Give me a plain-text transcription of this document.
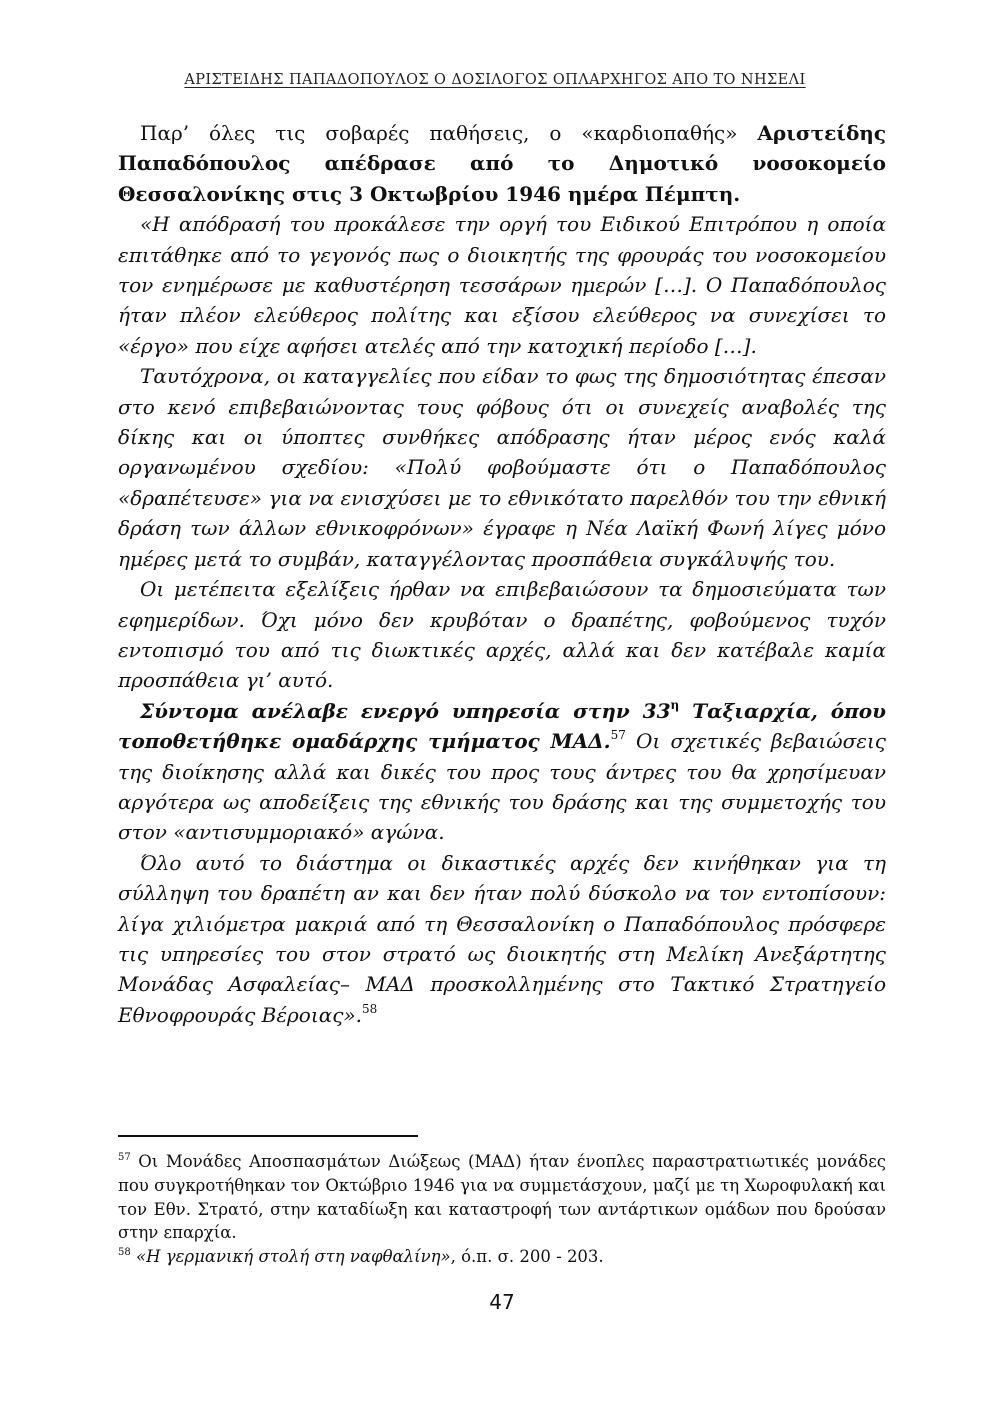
ΑΡΙΣΤΕΙΔΗΣ ΠΑΠΑΔΟΠΟΥΛΟΣ Ο ΔΟΣΙΛΟΓΟΣ ΟΠΛΑΡΧΗΓΟΣ ΑΠΟ ΤΟ ΝΗΣΕΛΙ

Παρ’ όλες τις σοβαρές παθήσεις, ο «καρδιοπαθής» Αριστείδης Παπαδόπουλος απέδρασε από το Δημοτικό νοσοκομείο Θεσσαλονίκης στις 3 Οκτωβρίου 1946 ημέρα Πέμπτη.

«Η απόδρασή του προκάλεσε την οργή του Ειδικού Επιτρόπου η οποία επιτάθηκε από το γεγονός πως ο διοικητής της φρουράς του νοσοκομείου τον ενημέρωσε με καθυστέρηση τεσσάρων ημερών […]. Ο Παπαδόπουλος ήταν πλέον ελεύθερος πολίτης και εξίσου ελεύθερος να συνεχίσει το «έργο» που είχε αφήσει ατελές από την κατοχική περίοδο […].

Ταυτόχρονα, οι καταγγελίες που είδαν το φως της δημοσιότητας έπεσαν στο κενό επιβεβαιώνοντας τους φόβους ότι οι συνεχείς αναβολές της δίκης και οι ύποπτες συνθήκες απόδρασης ήταν μέρος ενός καλά οργανωμένου σχεδίου: «Πολύ φοβούμαστε ότι ο Παπαδόπουλος «δραπέτευσε» για να ενισχύσει με το εθνικότατο παρελθόν του την εθνική δράση των άλλων εθνικοφρόνων» έγραφε η Νέα Λαϊκή Φωνή λίγες μόνο ημέρες μετά το συμβάν, καταγγέλοντας προσπάθεια συγκάλυψής του.

Οι μετέπειτα εξελίξεις ήρθαν να επιβεβαιώσουν τα δημοσιεύματα των εφημερίδων. Όχι μόνο δεν κρυβόταν ο δραπέτης, φοβούμενος τυχόν εντοπισμό του από τις διωκτικές αρχές, αλλά και δεν κατέβαλε καμία προσπάθεια γι’ αυτό.

Σύντομα ανέλαβε ενεργό υπηρεσία στην $33^\eta$ Ταξιαρχία, όπου τοποθετήθηκε ομαδάρχης τμήματος ΜΑΔ.$^{57}$ Οι σχετικές βεβαιώσεις της διοίκησης αλλά και δικές του προς τους άντρες του θα χρησίμευαν αργότερα ως αποδείξεις της εθνικής του δράσης και της συμμετοχής του στον «αντισυμμοριακό» αγώνα.

Όλο αυτό το διάστημα οι δικαστικές αρχές δεν κινήθηκαν για τη σύλληψη του δραπέτη αν και δεν ήταν πολύ δύσκολο να τον εντοπίσουν: λίγα χιλιόμετρα μακριά από τη Θεσσαλονίκη ο Παπαδόπουλος πρόσφερε τις υπηρεσίες του στον στρατό ως διοικητής στη Μελίκη Ανεξάρτητης Μονάδας Ασφαλείας– ΜΑΔ προσκολλημένης στο Τακτικό Στρατηγείο Εθνοφρουράς Βέροιας».$^{58}$

$^{57}$ Οι Μονάδες Αποσπασμάτων Διώξεως (ΜΑΔ) ήταν ένοπλες παραστρατιωτικές μονάδες που συγκροτήθηκαν τον Οκτώβριο 1946 για να συμμετάσχουν, μαζί με τη Χωροφυλακή και τον Εθν. Στρατό, στην καταδίωξη και καταστροφή των αντάρτικων ομάδων που δρούσαν στην επαρχία.

$^{58}$ «Η γερμανική στολή στη ναφθαλίνη», ό.π. σ. 200 - 203.

47
